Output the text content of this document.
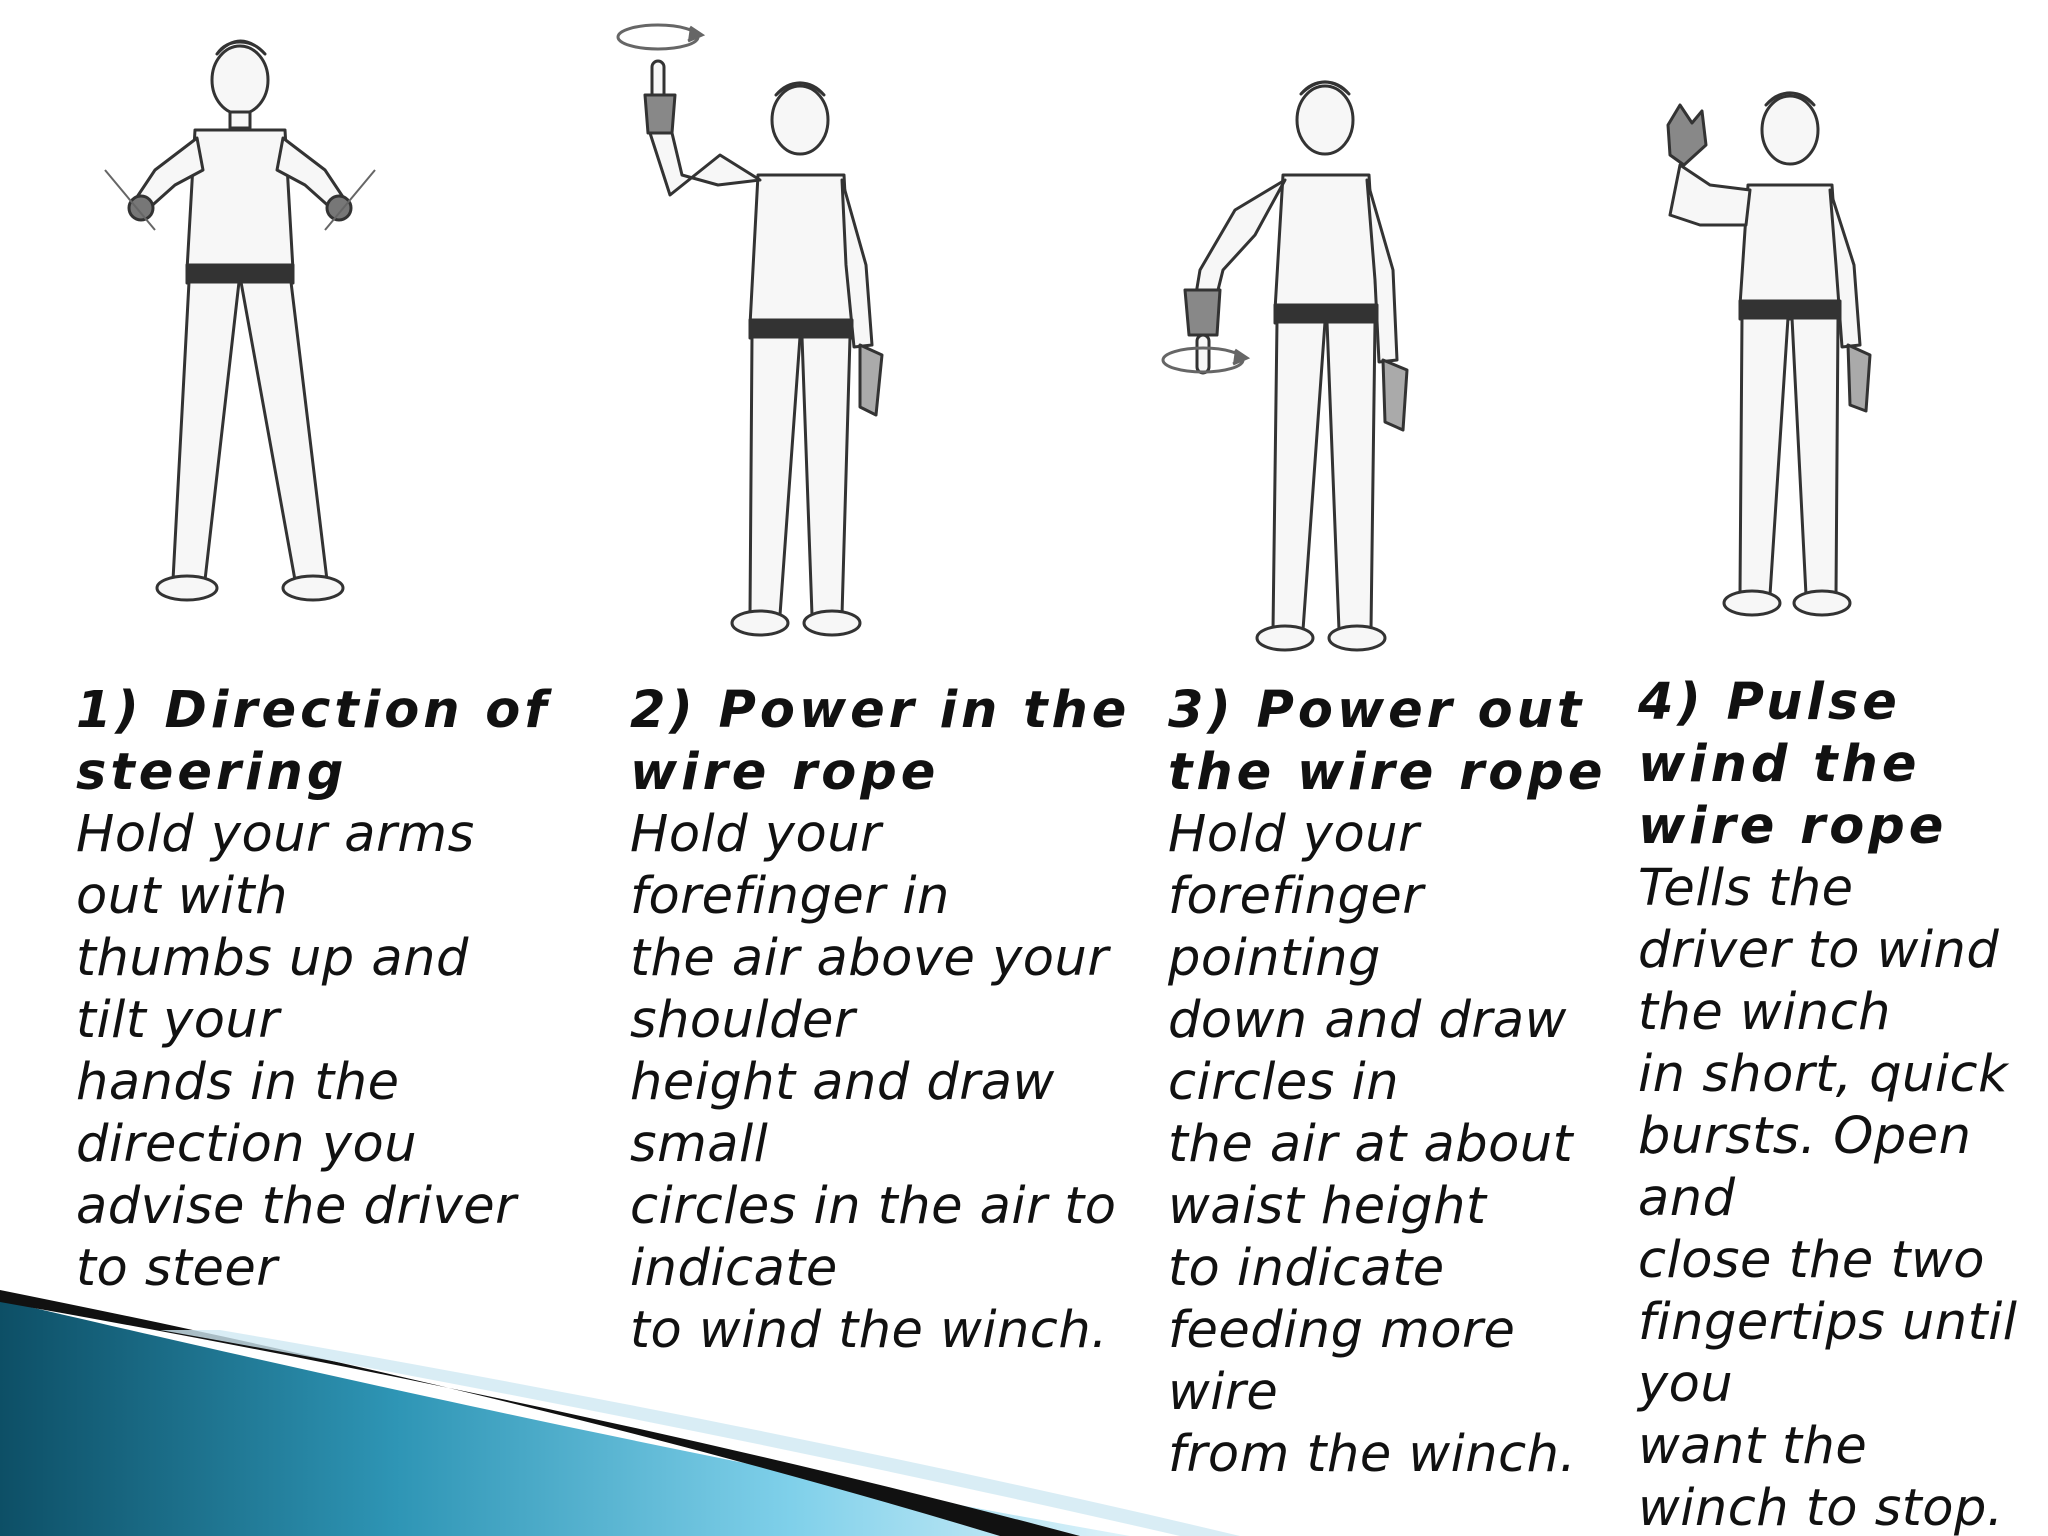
1) Direction of
steering
Hold your arms
out with
thumbs up and
tilt your
hands in the
direction you
advise the driver
to steer
2) Power in the
wire rope
Hold your
forefinger in
the air above your
shoulder
height and draw
small
circles in the air to
indicate
to wind the winch.
3) Power out
the wire rope
Hold your
forefinger
pointing
down and draw
circles in
the air at about
waist height
to indicate
feeding more
wire
from the winch.
4) Pulse
wind the
wire rope
Tells the
driver to wind
the winch
in short, quick
bursts. Open
and
close the two
fingertips until
you
want the
winch to stop.
